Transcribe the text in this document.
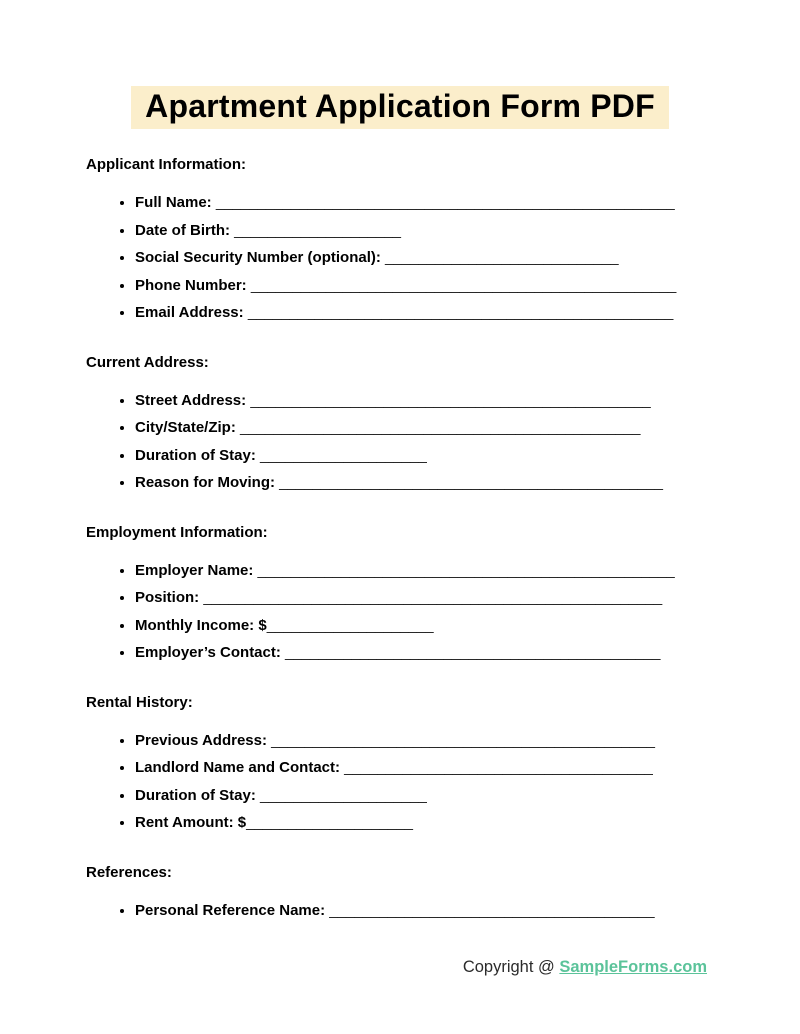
Apartment Application Form PDF
Applicant Information:
• Full Name: _______________________________________________________
• Date of Birth: ____________________
• Social Security Number (optional): ____________________________
• Phone Number: ___________________________________________________
• Email Address: ___________________________________________________
Current Address:
• Street Address: ________________________________________________
• City/State/Zip: ________________________________________________
• Duration of Stay: ____________________
• Reason for Moving: ______________________________________________
Employment Information:
• Employer Name: __________________________________________________
• Position: _______________________________________________________
• Monthly Income: $____________________
• Employer’s Contact: _____________________________________________
Rental History:
• Previous Address: ______________________________________________
• Landlord Name and Contact: _____________________________________
• Duration of Stay: ____________________
• Rent Amount: $____________________
References:
• Personal Reference Name: _______________________________________
Copyright @ SampleForms.com
